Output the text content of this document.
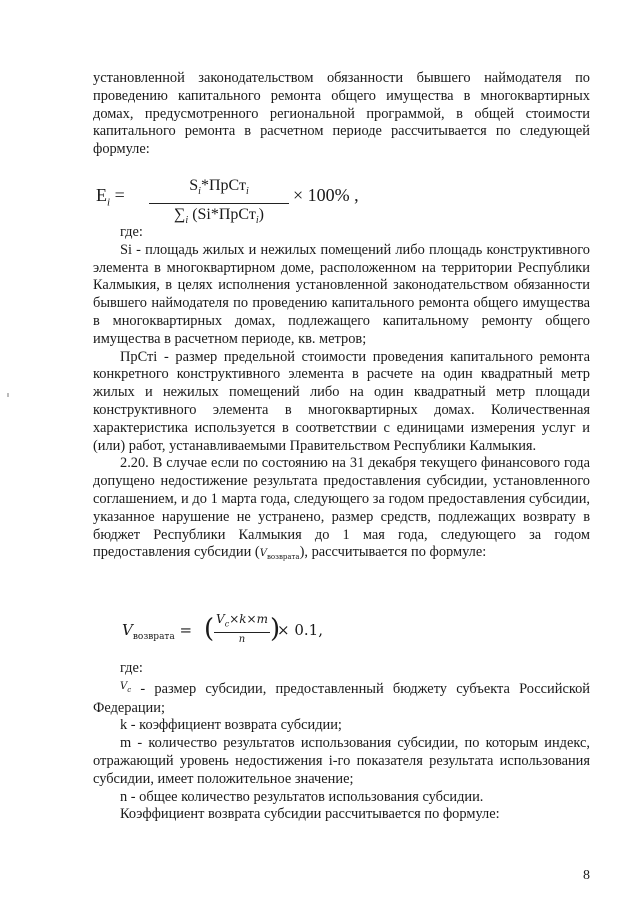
установленной законодательством обязанности бывшего наймодателя по проведению капитального ремонта общего имущества в многоквартирных домах, предусмотренного региональной программой, в общей стоимости капитального ремонта в расчетном периоде рассчитывается по следующей формуле:

$E_i$ =	$S_i*ПрСт_i$
$\sum_i$ (Si*ПрСт$_i$)
× 100% ,

где:

Si - площадь жилых и нежилых помещений либо площадь конструктивного элемента в многоквартирном доме, расположенном на территории Республики Калмыкия, в целях исполнения установленной законодательством обязанности бывшего наймодателя по проведению капитального ремонта общего имущества в многоквартирных домах, подлежащего капитальному ремонту общего имущества в расчетном периоде, кв. метров;

ПрСтi - размер предельной стоимости проведения капитального ремонта конкретного конструктивного элемента в расчете на один квадратный метр жилых и нежилых помещений либо на один квадратный метр площади конструктивного элемента в многоквартирных домах. Количественная характеристика используется в соответствии с единицами измерения услуг и (или) работ, устанавливаемыми Правительством Республики Калмыкия.

2.20. В случае если по состоянию на 31 декабря текущего финансового года допущено недостижение результата предоставления субсидии, установленного соглашением, и до 1 марта года, следующего за годом предоставления субсидии, указанное нарушение не устранено, размер средств, подлежащих возврату в бюджет Республики Калмыкия до 1 мая года, следующего за годом предоставления субсидии $(V_{возврата})$, рассчитывается по формуле:

$V_{возврата}$ = ( $V_c\times k\times m$
n )
× 0.1,

где:

$^{V_c}$ - размер субсидии, предоставленный бюджету субъекта Российской Федерации;

k - коэффициент возврата субсидии;

m - количество результатов использования субсидии, по которым индекс, отражающий уровень недостижения i-го показателя результата использования субсидии, имеет положительное значение;

n - общее количество результатов использования субсидии.

Коэффициент возврата субсидии рассчитывается по формуле:

8
